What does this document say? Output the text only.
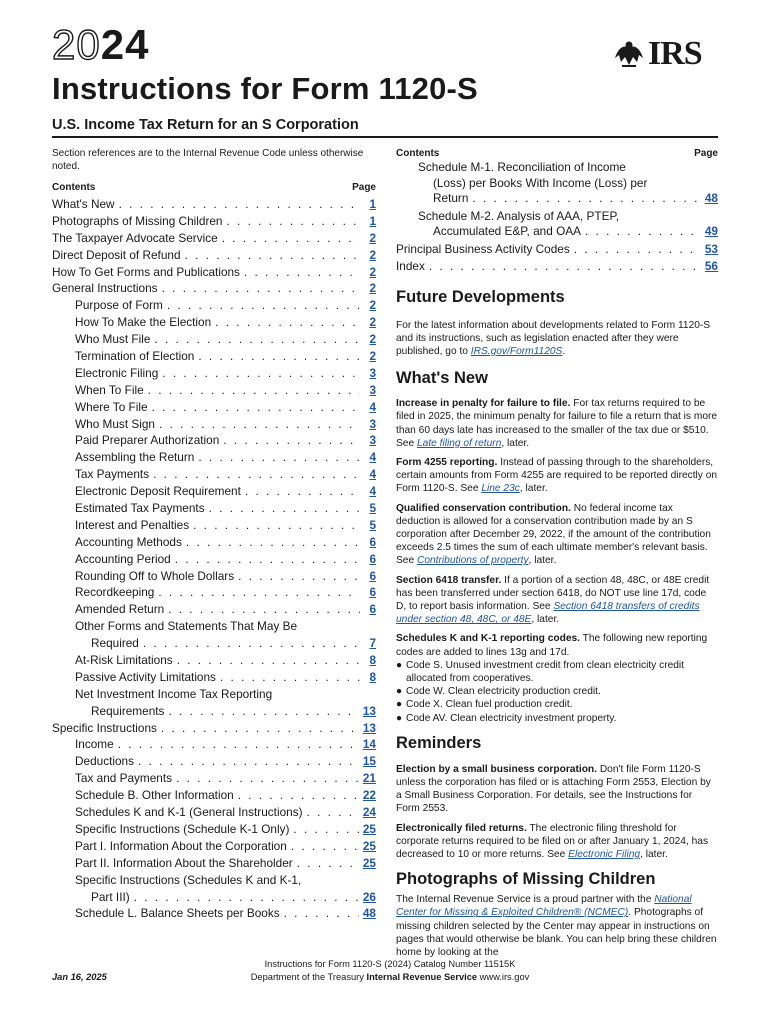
2024	IRS
Instructions for Form 1120-S
U.S. Income Tax Return for an S Corporation
Section references are to the Internal Revenue Code unless otherwise noted.
Contents	Page
What's New . . .	1
Photographs of Missing Children . . .	1
The Taxpayer Advocate Service . . .	2
Direct Deposit of Refund . . .	2
How To Get Forms and Publications . . .	2
General Instructions . . .	2
Purpose of Form . . .	2
How To Make the Election . . .	2
Who Must File . . .	2
Termination of Election . . .	2
Electronic Filing . . .	3
When To File . . .	3
Where To File . . .	4
Who Must Sign . . .	3
Paid Preparer Authorization . . .	3
Assembling the Return . . .	4
Tax Payments . . .	4
Electronic Deposit Requirement . . .	4
Estimated Tax Payments . . .	5
Interest and Penalties . . .	5
Accounting Methods . . .	6
Accounting Period . . .	6
Rounding Off to Whole Dollars . . .	6
Recordkeeping . . .	6
Amended Return . . .	6
Other Forms and Statements That May Be
Required . . .	7
At-Risk Limitations . . .	8
Passive Activity Limitations . . .	8
Net Investment Income Tax Reporting
Requirements . . .	13
Specific Instructions . . .	13
Income . . .	14
Deductions . . .	15
Tax and Payments . . .	21
Schedule B. Other Information . . .	22
Schedules K and K-1 (General Instructions) . . .	24
Specific Instructions (Schedule K-1 Only) . . .	25
Part I. Information About the Corporation . . .	25
Part II. Information About the Shareholder . . .	25
Specific Instructions (Schedules K and K-1,
Part III) . . .	26
Schedule L. Balance Sheets per Books . . .	48
Contents	Page
Schedule M-1. Reconciliation of Income
(Loss) per Books With Income (Loss) per
Return . . .	48
Schedule M-2. Analysis of AAA, PTEP,
Accumulated E&P, and OAA . . .	49
Principal Business Activity Codes . . .	53
Index . . .	56
Future Developments

For the latest information about developments related to Form 1120-S and its instructions, such as legislation enacted after they were published, go to IRS.gov/Form1120S.

What's New

Increase in penalty for failure to file. For tax returns required to be filed in 2025, the minimum penalty for failure to file a return that is more than 60 days late has increased to the smaller of the tax due or $510. See Late filing of return, later.

Form 4255 reporting. Instead of passing through to the shareholders, certain amounts from Form 4255 are required to be reported directly on Form 1120-S. See Line 23c, later.

Qualified conservation contribution. No federal income tax deduction is allowed for a conservation contribution made by an S corporation after December 29, 2022, if the amount of the contribution exceeds 2.5 times the sum of each ultimate member's relevant basis. See Contributions of property, later.

Section 6418 transfer. If a portion of a section 48, 48C, or 48E credit has been transferred under section 6418, do NOT use line 17d, code D, to report basis information. See Section 6418 transfers of credits under section 48, 48C, or 48E, later.

Schedules K and K-1 reporting codes. The following new reporting codes are added to lines 13g and 17d.

● Code S. Unused investment credit from clean electricity credit allocated from cooperatives.
● Code W. Clean electricity production credit.
● Code X. Clean fuel production credit.
● Code AV. Clean electricity investment property.
Reminders

Election by a small business corporation. Don't file Form 1120-S unless the corporation has filed or is attaching Form 2553, Election by a Small Business Corporation. For details, see the Instructions for Form 2553.

Electronically filed returns. The electronic filing threshold for corporate returns required to be filed on or after January 1, 2024, has decreased to 10 or more returns. See Electronic Filing, later.

Photographs of Missing Children

The Internal Revenue Service is a proud partner with the National Center for Missing & Exploited Children® (NCMEC). Photographs of missing children selected by the Center may appear in instructions on pages that would otherwise be blank. You can help bring these children home by looking at the

Instructions for Form 1120-S (2024) Catalog Number 11515K
Department of the Treasury Internal Revenue Service www.irs.gov
Jan 16, 2025
